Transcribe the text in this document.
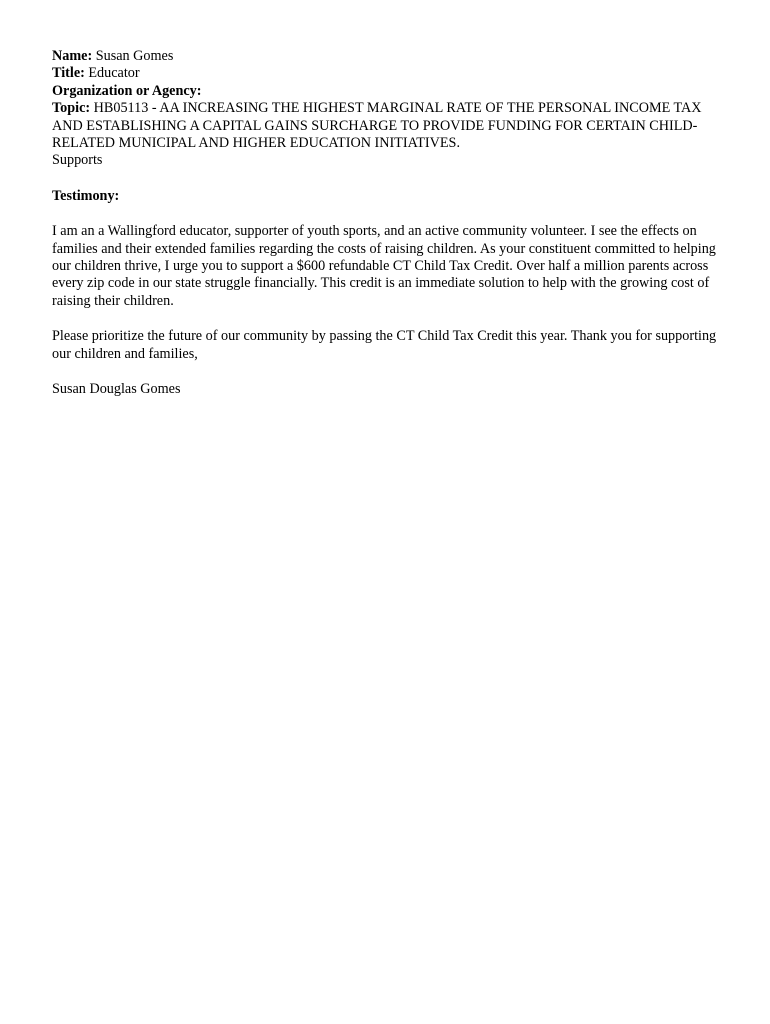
Name: Susan Gomes
Title: Educator
Organization or Agency:
Topic: HB05113 - AA INCREASING THE HIGHEST MARGINAL RATE OF THE PERSONAL INCOME TAX AND ESTABLISHING A CAPITAL GAINS SURCHARGE TO PROVIDE FUNDING FOR CERTAIN CHILD-RELATED MUNICIPAL AND HIGHER EDUCATION INITIATIVES.
Supports
Testimony:

I am an a Wallingford educator, supporter of youth sports, and an active community volunteer. I see the effects on families and their extended families regarding the costs of raising children. As your constituent committed to helping our children thrive, I urge you to support a $600 refundable CT Child Tax Credit. Over half a million parents across every zip code in our state struggle financially. This credit is an immediate solution to help with the growing cost of raising their children.

Please prioritize the future of our community by passing the CT Child Tax Credit this year. Thank you for supporting our children and families,

Susan Douglas Gomes
